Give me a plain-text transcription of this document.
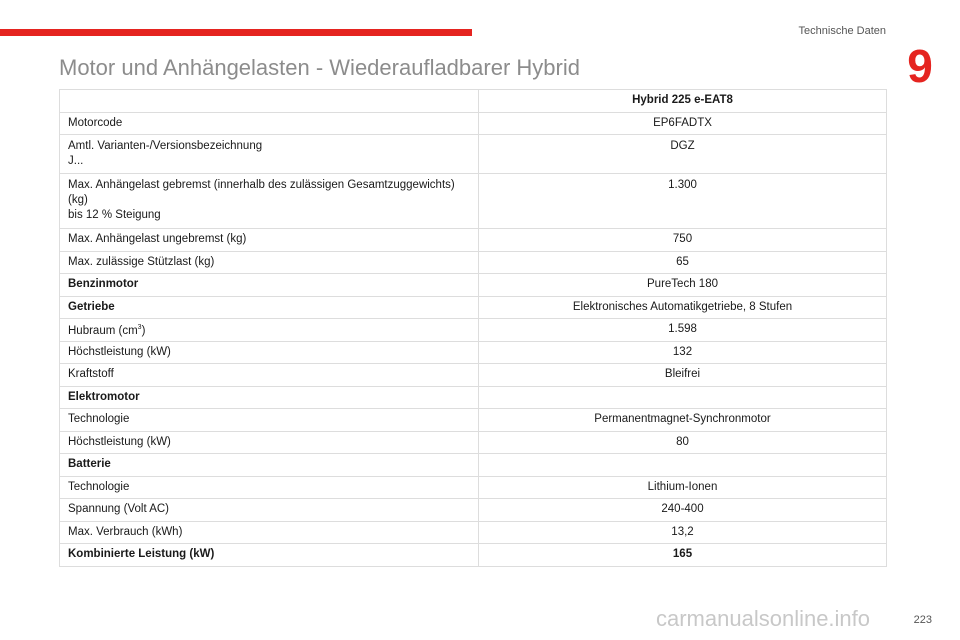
Technische Daten
9
Motor und Anhängelasten - Wiederaufladbarer Hybrid
	Hybrid 225 e-EAT8
Motorcode	EP6FADTX
Amtl. Varianten-/Versionsbezeichnung
J...	DGZ
Max. Anhängelast gebremst (innerhalb des zulässigen Gesamtzuggewichts)
(kg)
bis 12 % Steigung	1.300
Max. Anhängelast ungebremst (kg)	750
Max. zulässige Stützlast (kg)	65
Benzinmotor	PureTech 180
Getriebe	Elektronisches Automatikgetriebe, 8 Stufen
Hubraum $(cm^3)$	1.598
Höchstleistung (kW)	132
Kraftstoff	Bleifrei
Elektromotor	
Technologie	Permanentmagnet-Synchronmotor
Höchstleistung (kW)	80
Batterie	
Technologie	Lithium-Ionen
Spannung (Volt AC)	240-400
Max. Verbrauch (kWh)	13,2
Kombinierte Leistung (kW)	165
carmanualsonline.info	223
